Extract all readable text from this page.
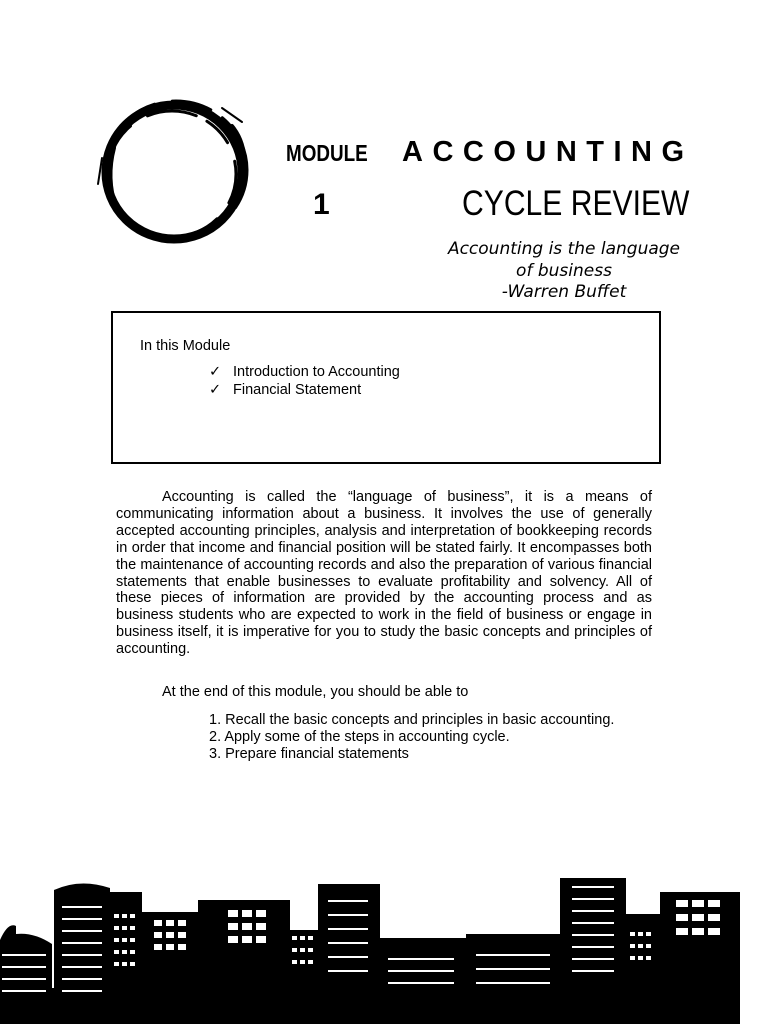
MODULE
1
ACCOUNTING
CYCLE REVIEW
Accounting is the language
of business
-Warren Buffet
In this Module
✓ Introduction to Accounting
✓ Financial Statement

Accounting is called the “language of business”, it is a means of communicating information about a business. It involves the use of generally accepted accounting principles, analysis and interpretation of bookkeeping records in order that income and financial position will be stated fairly. It encompasses both the maintenance of accounting records and also the preparation of various financial statements that enable businesses to evaluate profitability and solvency. All of these pieces of information are provided by the accounting process and as business students who are expected to work in the field of business or engage in business itself, it is imperative for you to study the basic concepts and principles of accounting.

At the end of this module, you should be able to
1. Recall the basic concepts and principles in basic accounting.
2. Apply some of the steps in accounting cycle.
3. Prepare financial statements
